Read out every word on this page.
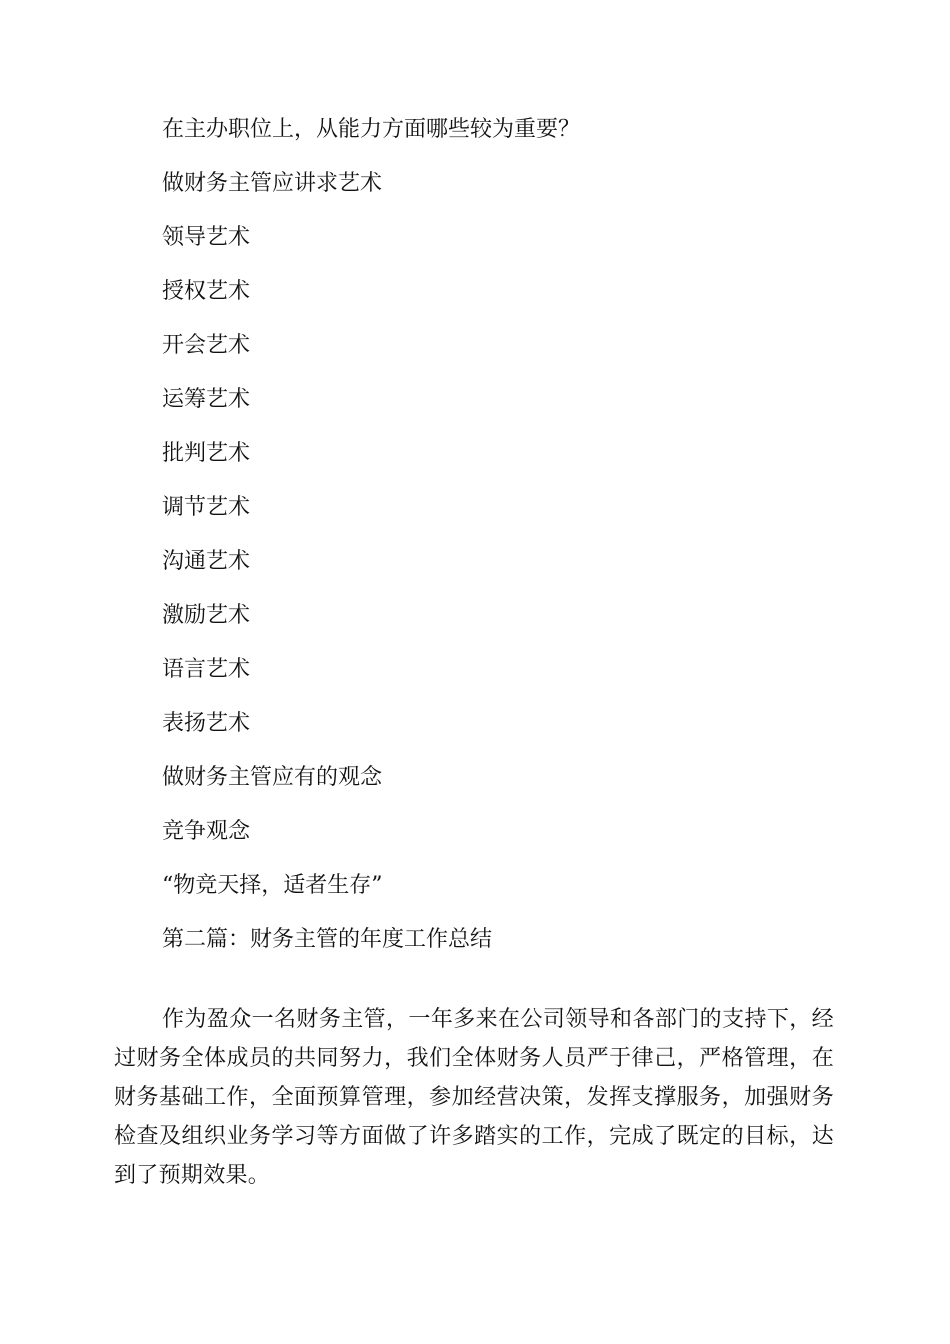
在主办职位上，从能力方面哪些较为重要？
做财务主管应讲求艺术
领导艺术
授权艺术
开会艺术
运筹艺术
批判艺术
调节艺术
沟通艺术
激励艺术
语言艺术
表扬艺术
做财务主管应有的观念
竞争观念
“物竞天择，适者生存”
第二篇：财务主管的年度工作总结

作为盈众一名财务主管，一年多来在公司领导和各部门的支持下，经过财务全体成员的共同努力，我们全体财务人员严于律己，严格管理，在财务基础工作，全面预算管理，参加经营决策，发挥支撑服务，加强财务检查及组织业务学习等方面做了许多踏实的工作，完成了既定的目标，达到了预期效果。
